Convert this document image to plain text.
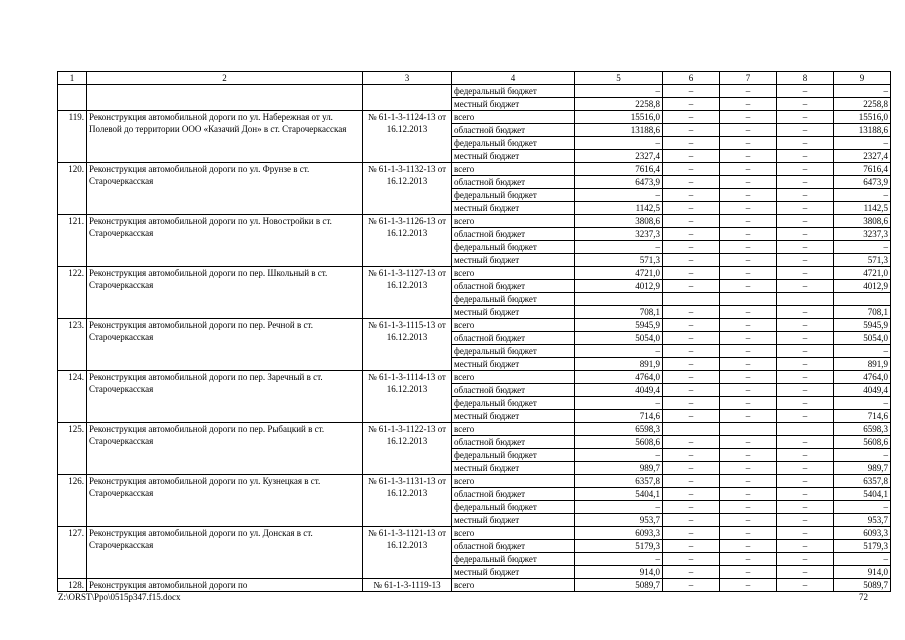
1	2	3	4	5	6	7	8	9
			федеральный бюджет	–	–	–	–	–
			местный бюджет	2258,8	–	–	–	2258,8
119.	Реконструкция автомобильной дороги по ул. Набережная от ул. Полевой до территории ООО «Казачий Дон» в ст. Старочеркасская	№ 61-1-3-1124-13 от 16.12.2013	всего	15516,0	–	–	–	15516,0
			областной бюджет	13188,6	–	–	–	13188,6
			федеральный бюджет	–	–	–	–	–
			местный бюджет	2327,4	–	–	–	2327,4
120.	Реконструкция автомобильной дороги по ул. Фрунзе в ст. Старочеркасская	№ 61-1-3-1132-13 от 16.12.2013	всего	7616,4	–	–	–	7616,4
			областной бюджет	6473,9	–	–	–	6473,9
			федеральный бюджет	–	–	–	–	–
			местный бюджет	1142,5	–	–	–	1142,5
121.	Реконструкция автомобильной дороги по ул. Новостройки в ст. Старочеркасская	№ 61-1-3-1126-13 от 16.12.2013	всего	3808,6	–	–	–	3808,6
			областной бюджет	3237,3	–	–	–	3237,3
			федеральный бюджет	–	–	–	–	–
			местный бюджет	571,3	–	–	–	571,3
122.	Реконструкция автомобильной дороги по пер. Школьный в ст. Старочеркасская	№ 61-1-3-1127-13 от 16.12.2013	всего	4721,0	–	–	–	4721,0
			областной бюджет	4012,9	–	–	–	4012,9
			федеральный бюджет					
			местный бюджет	708,1	–	–	–	708,1
123.	Реконструкция автомобильной дороги по пер. Речной в ст. Старочеркасская	№ 61-1-3-1115-13 от 16.12.2013	всего	5945,9	–	–	–	5945,9
			областной бюджет	5054,0	–	–	–	5054,0
			федеральный бюджет	–	–	–	–	–
			местный бюджет	891,9	–	–	–	891,9
124.	Реконструкция автомобильной дороги по пер. Заречный в ст. Старочеркасская	№ 61-1-3-1114-13 от 16.12.2013	всего	4764,0	–	–	–	4764,0
			областной бюджет	4049,4	–	–	–	4049,4
			федеральный бюджет	–	–	–	–	–
			местный бюджет	714,6	–	–	–	714,6
125.	Реконструкция автомобильной дороги по пер. Рыбацкий в ст. Старочеркасская	№ 61-1-3-1122-13 от 16.12.2013	всего	6598,3				6598,3
			областной бюджет	5608,6	–	–	–	5608,6
			федеральный бюджет	–	–	–	–	–
			местный бюджет	989,7	–	–	–	989,7
126.	Реконструкция автомобильной дороги по ул. Кузнецкая в ст. Старочеркасская	№ 61-1-3-1131-13 от 16.12.2013	всего	6357,8	–	–	–	6357,8
			областной бюджет	5404,1	–	–	–	5404,1
			федеральный бюджет	–	–	–	–	–
			местный бюджет	953,7	–	–	–	953,7
127.	Реконструкция автомобильной дороги по ул. Донская в ст. Старочеркасская	№ 61-1-3-1121-13 от 16.12.2013	всего	6093,3	–	–	–	6093,3
			областной бюджет	5179,3	–	–	–	5179,3
			федеральный бюджет	–	–	–	–	–
			местный бюджет	914,0	–	–	–	914,0
128.	Реконструкция автомобильной дороги по	№ 61-1-3-1119-13	всего	5089,7	–	–	–	5089,7
Z:\ORST\Ppo\0515p347.f15.docx	72
